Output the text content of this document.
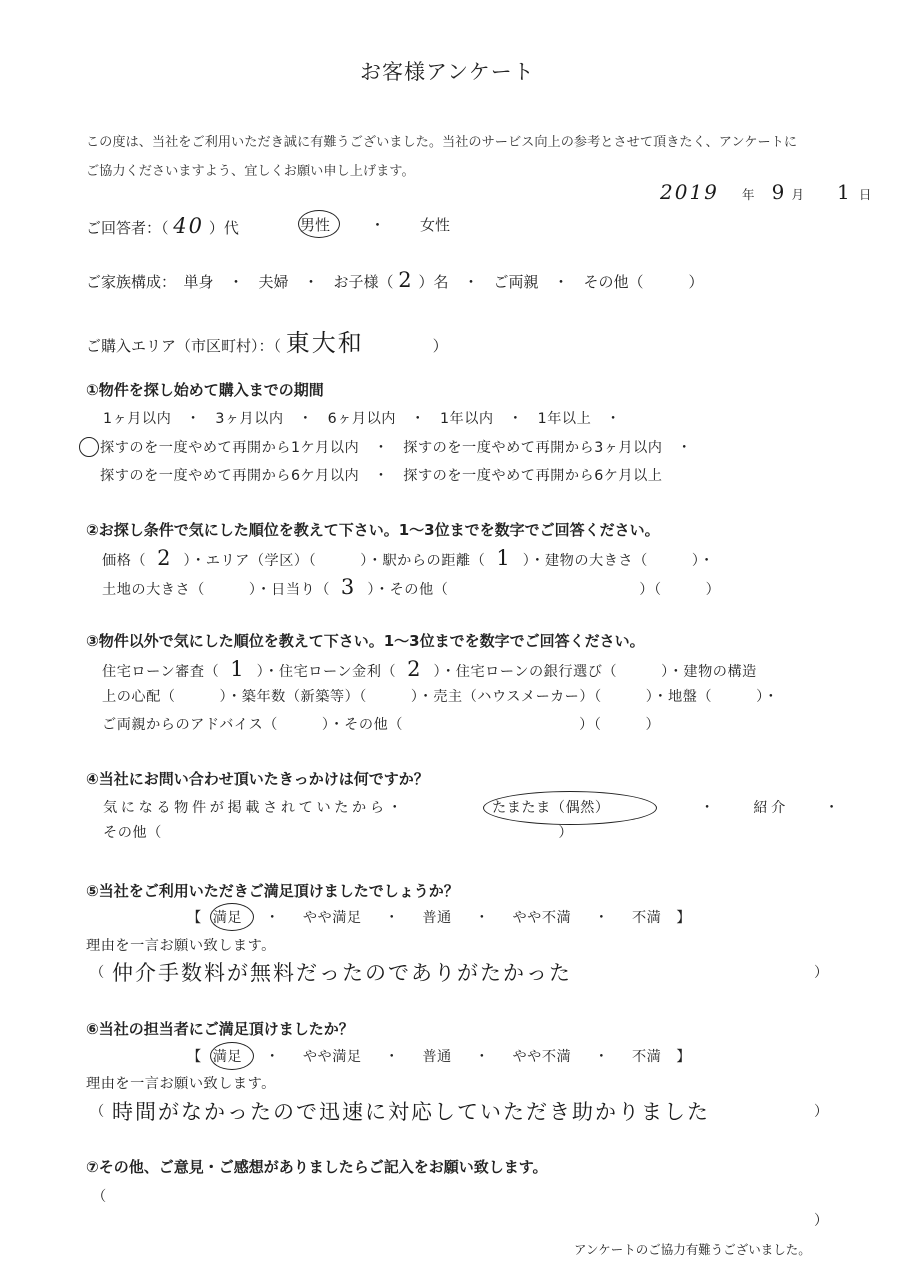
お客様アンケート
この度は、当社をご利用いただき誠に有難うございました。当社のサービス向上の参考とさせて頂きたく、アンケートに
ご協力くださいますよう、宜しくお願い申し上げます。
2019 年 9 月 1 日
ご回答者：（ 40 ）代	男性	・ 女性
ご家族構成：　単身　・　夫婦　・　お子様（ 2 ）名　・　ご両親　・　その他（　　　）
ご購入エリア（市区町村）：（ 東大和	）
①物件を探し始めて購入までの期間
1ヶ月以内　・　3ヶ月以内　・　6ヶ月以内　・　1年以内　・　1年以上　・
探すのを一度やめて再開から1ケ月以内　・　探すのを一度やめて再開から3ヶ月以内　・
探すのを一度やめて再開から6ケ月以内　・　探すのを一度やめて再開から6ケ月以上
②お探し条件で気にした順位を教えて下さい。1～3位までを数字でご回答ください。
価格（ 2 ）・エリア（学区）（　　　）・駅からの距離（ 1 ）・建物の大きさ（　　　）・
土地の大きさ（　　　）・日当り（ 3 ）・その他（　　　　　　　　　　　　　）（　　　）
③物件以外で気にした順位を教えて下さい。1～3位までを数字でご回答ください。
住宅ローン審査（ 1 ）・住宅ローン金利（ 2 ）・住宅ローンの銀行選び（　　　）・建物の構造
上の心配（　　　）・築年数（新築等）（　　　）・売主（ハウスメーカー）（　　　）・地盤（　　　）・
ご両親からのアドバイス（　　　）・その他（　　　　　　　　　　　　）（　　　）
④当社にお問い合わせ頂いたきっかけは何ですか？
気になる物件が掲載されていたから・	たまたま（偶然）	・　　紹介　　・
その他（　　　　　　　　　　　　　　　　　　　　　　　　　　　）
⑤当社をご利用いただきご満足頂けましたでしょうか？
【 満足 ・ やや満足 ・ 普通 ・ やや不満 ・ 不満 】
理由を一言お願い致します。
（ 仲介手数料が無料だったのでありがたかった	）
⑥当社の担当者にご満足頂けましたか？
【 満足 ・ やや満足 ・ 普通 ・ やや不満 ・ 不満 】
理由を一言お願い致します。
（ 時間がなかったので迅速に対応していただき助かりました	）
⑦その他、ご意見・ご感想がありましたらご記入をお願い致します。
（
）
アンケートのご協力有難うございました。
